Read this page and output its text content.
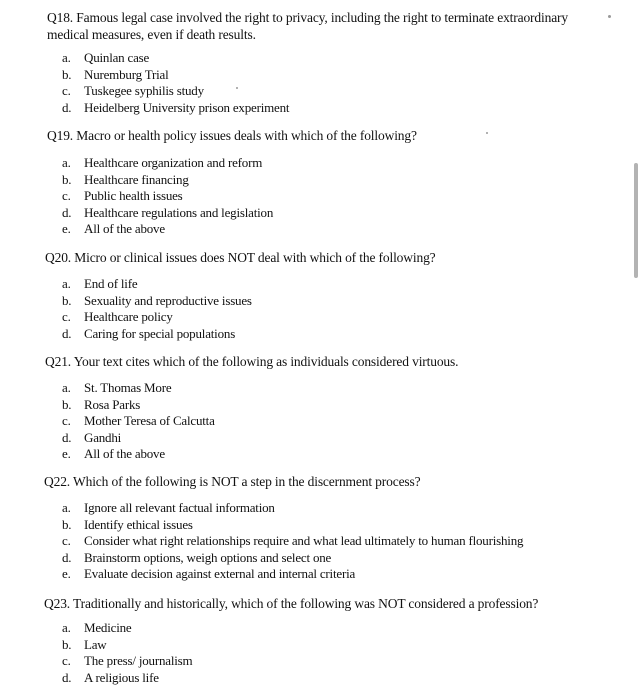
Q18. Famous legal case involved the right to privacy, including the right to terminate extraordinary medical measures, even if death results.
a.	Quinlan case
b. Nuremburg Trial
c.	Tuskegee syphilis study
d. Heidelberg University prison experiment
Q19. Macro or health policy issues deals with which of the following?
a.	Healthcare organization and reform
b. Healthcare financing
c.	Public health issues
d. Healthcare regulations and legislation
e.	All of the above
Q20. Micro or clinical issues does NOT deal with which of the following?
a.	End of life
b. Sexuality and reproductive issues
c.	Healthcare policy
d. Caring for special populations
Q21. Your text cites which of the following as individuals considered virtuous.
a.	St. Thomas More
b. Rosa Parks
c.	Mother Teresa of Calcutta
d. Gandhi
e.	All of the above
Q22. Which of the following is NOT a step in the discernment process?
a.	Ignore all relevant factual information
b. Identify ethical issues
c.	Consider what right relationships require and what lead ultimately to human flourishing
d. Brainstorm options, weigh options and select one
e.	Evaluate decision against external and internal criteria
Q23. Traditionally and historically, which of the following was NOT considered a profession?
a.	Medicine
b. Law
c.	The press/ journalism
d. A religious life
